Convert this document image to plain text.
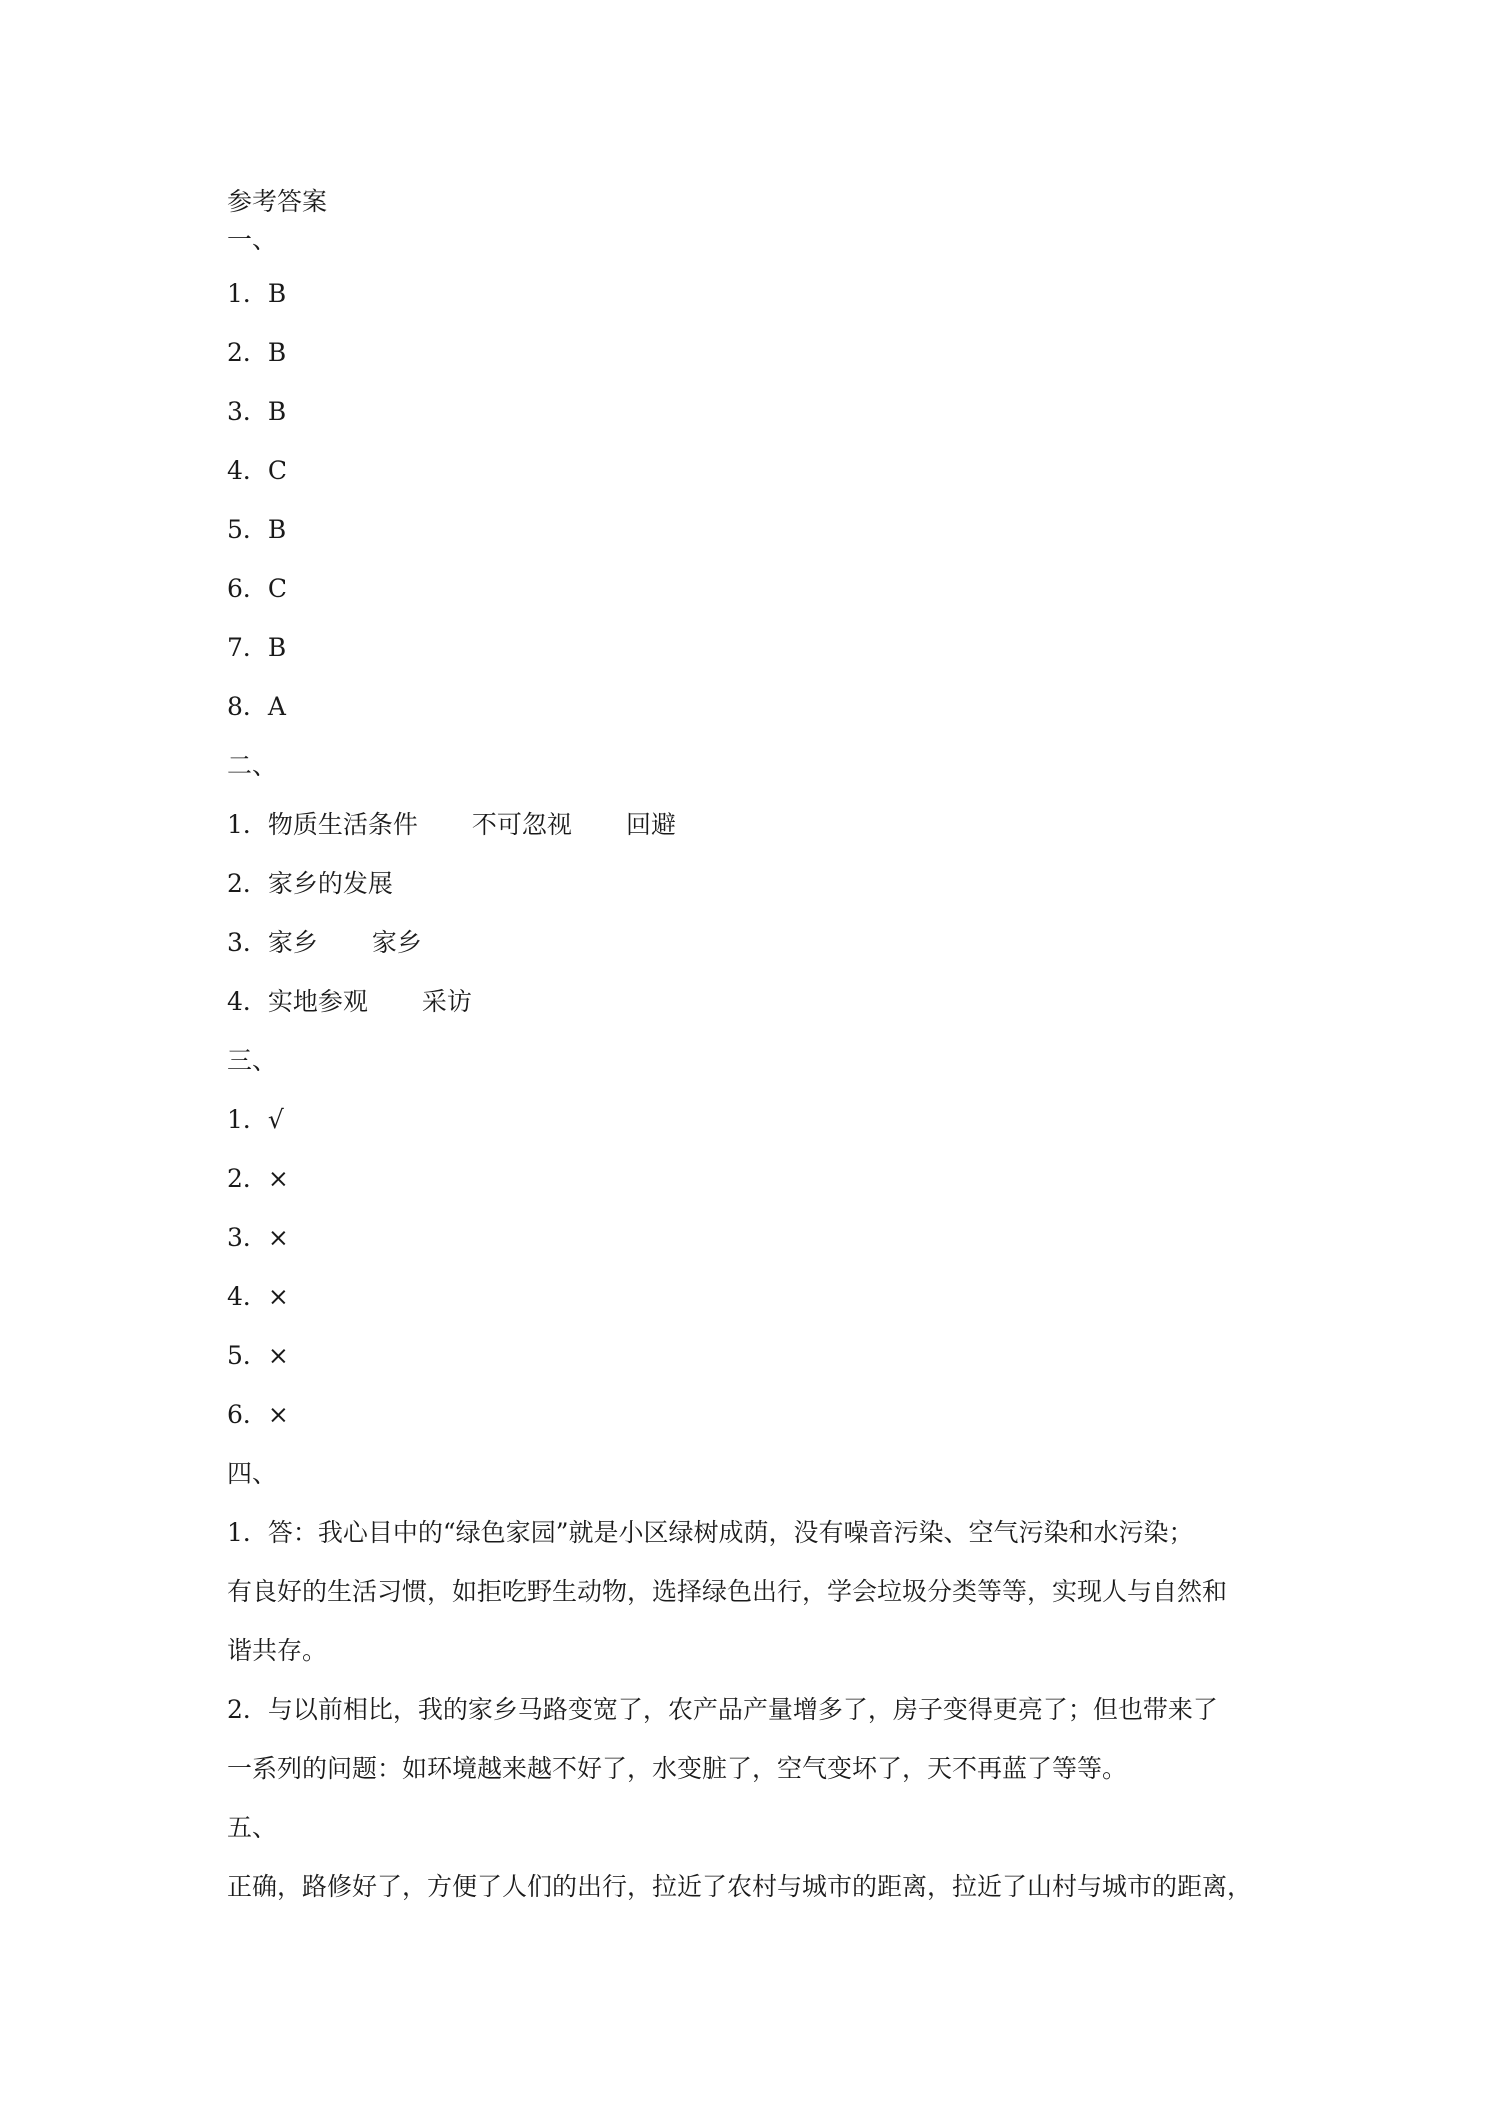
参考答案
一、
1．B
2．B
3．B
4．C
5．B
6．C
7．B
8．A
二、
1．物质生活条件 不可忽视 回避
2．家乡的发展
3．家乡 家乡
4．实地参观 采访
三、
1．√
2．×
3．×
4．×
5．×
6．×
四、
1．答：我心目中的“绿色家园”就是小区绿树成荫，没有噪音污染、空气污染和水污染；
有良好的生活习惯，如拒吃野生动物，选择绿色出行，学会垃圾分类等等，实现人与自然和
谐共存。
2．与以前相比，我的家乡马路变宽了，农产品产量增多了，房子变得更亮了；但也带来了
一系列的问题：如环境越来越不好了，水变脏了，空气变坏了，天不再蓝了等等。
五、
正确，路修好了，方便了人们的出行，拉近了农村与城市的距离，拉近了山村与城市的距离，
